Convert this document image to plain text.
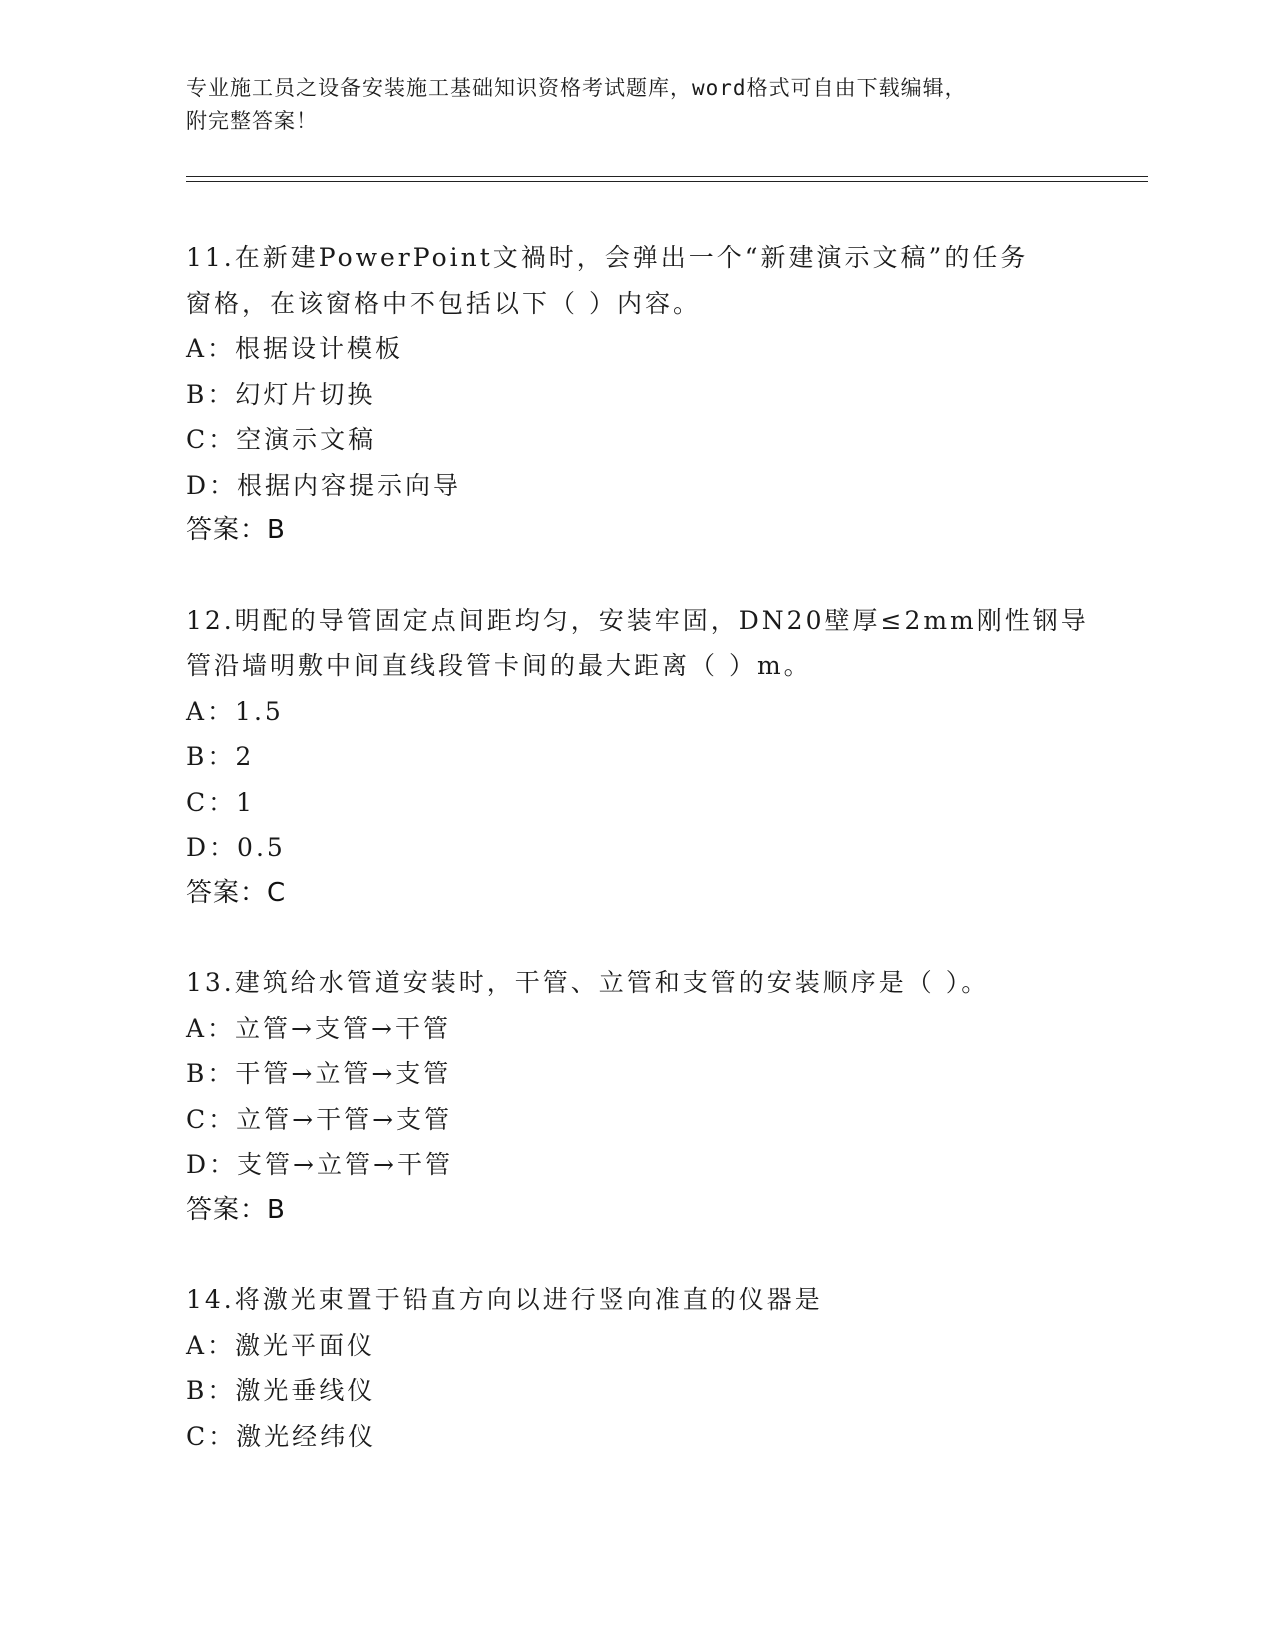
专业施工员之设备安装施工基础知识资格考试题库，word格式可自由下载编辑，
附完整答案！
11.在新建PowerPoint文禍时，会弹出一个“新建演示文稿”的任务
窗格，在该窗格中不包括以下（ ）内容。
A：根据设计模板
B：幻灯片切换
C：空演示文稿
D：根据内容提示向导
答案：B
12.明配的导管固定点间距均匀，安装牢固，DN20壁厚≤2mm刚性钢导
管沿墙明敷中间直线段管卡间的最大距离（ ）m。
A：1.5
B：2
C：1
D：0.5
答案：C
13.建筑给水管道安装时，干管、立管和支管的安装顺序是（ ）。
A：立管→支管→干管
B：干管→立管→支管
C：立管→干管→支管
D：支管→立管→干管
答案：B
14.将激光束置于铅直方向以进行竖向准直的仪器是
A：激光平面仪
B：激光垂线仪
C：激光经纬仪
